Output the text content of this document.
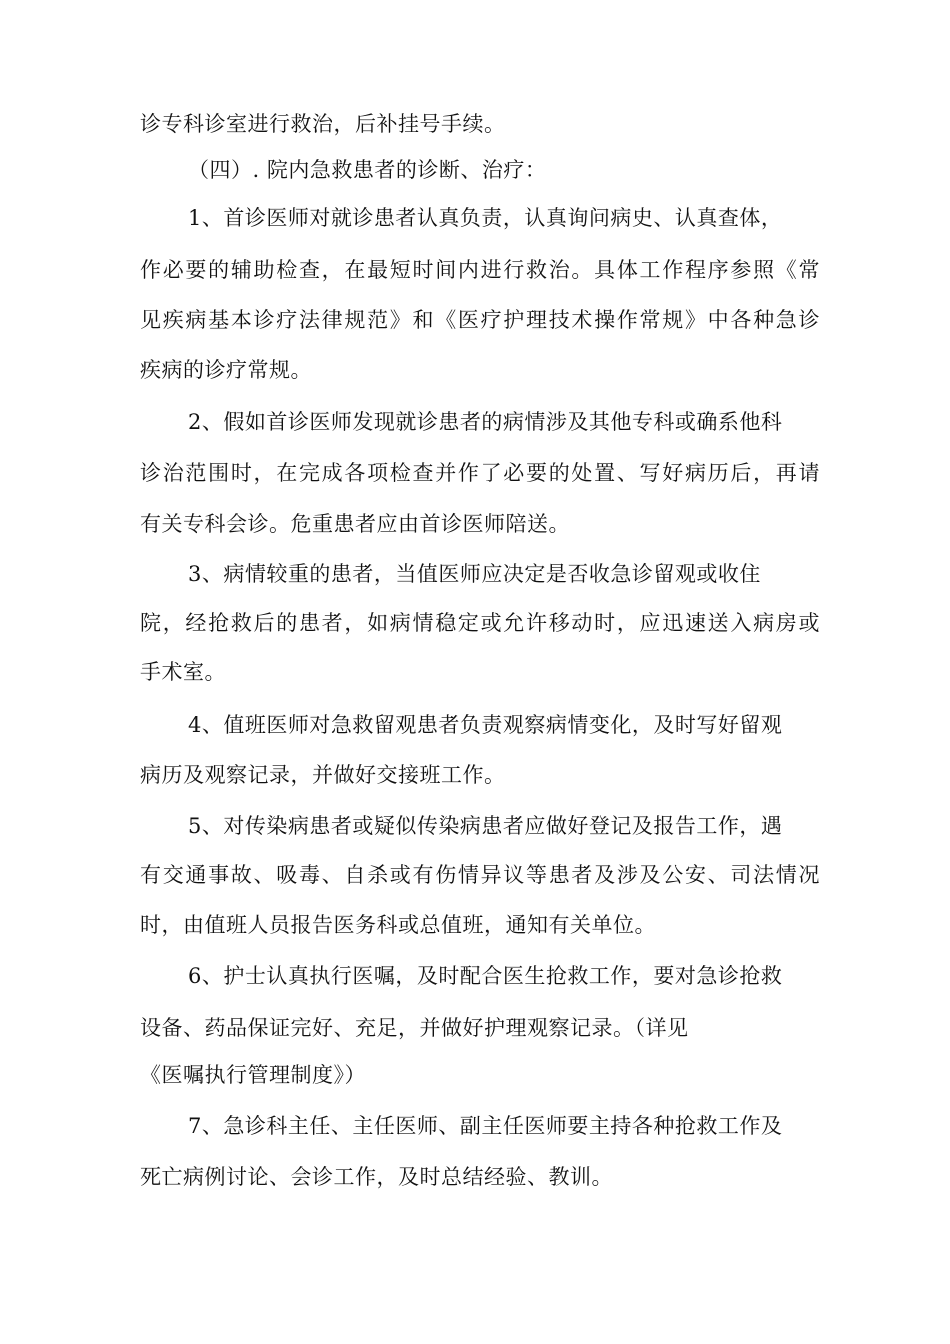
诊专科诊室进行救治，后补挂号手续。
（四）. 院内急救患者的诊断、治疗：
1、首诊医师对就诊患者认真负责，认真询问病史、认真查体，
作必要的辅助检查，在最短时间内进行救治。具体工作程序参照《常
见疾病基本诊疗法律规范》和《医疗护理技术操作常规》中各种急诊
疾病的诊疗常规。
2、假如首诊医师发现就诊患者的病情涉及其他专科或确系他科
诊治范围时，在完成各项检查并作了必要的处置、写好病历后，再请
有关专科会诊。危重患者应由首诊医师陪送。
3、病情较重的患者，当值医师应决定是否收急诊留观或收住
院，经抢救后的患者，如病情稳定或允许移动时，应迅速送入病房或
手术室。
4、值班医师对急救留观患者负责观察病情变化，及时写好留观
病历及观察记录，并做好交接班工作。
5、对传染病患者或疑似传染病患者应做好登记及报告工作，遇
有交通事故、吸毒、自杀或有伤情异议等患者及涉及公安、司法情况
时，由值班人员报告医务科或总值班，通知有关单位。
6、护士认真执行医嘱，及时配合医生抢救工作，要对急诊抢救
设备、药品保证完好、充足，并做好护理观察记录。（详见
《医嘱执行管理制度》）
7、急诊科主任、主任医师、副主任医师要主持各种抢救工作及
死亡病例讨论、会诊工作，及时总结经验、教训。
